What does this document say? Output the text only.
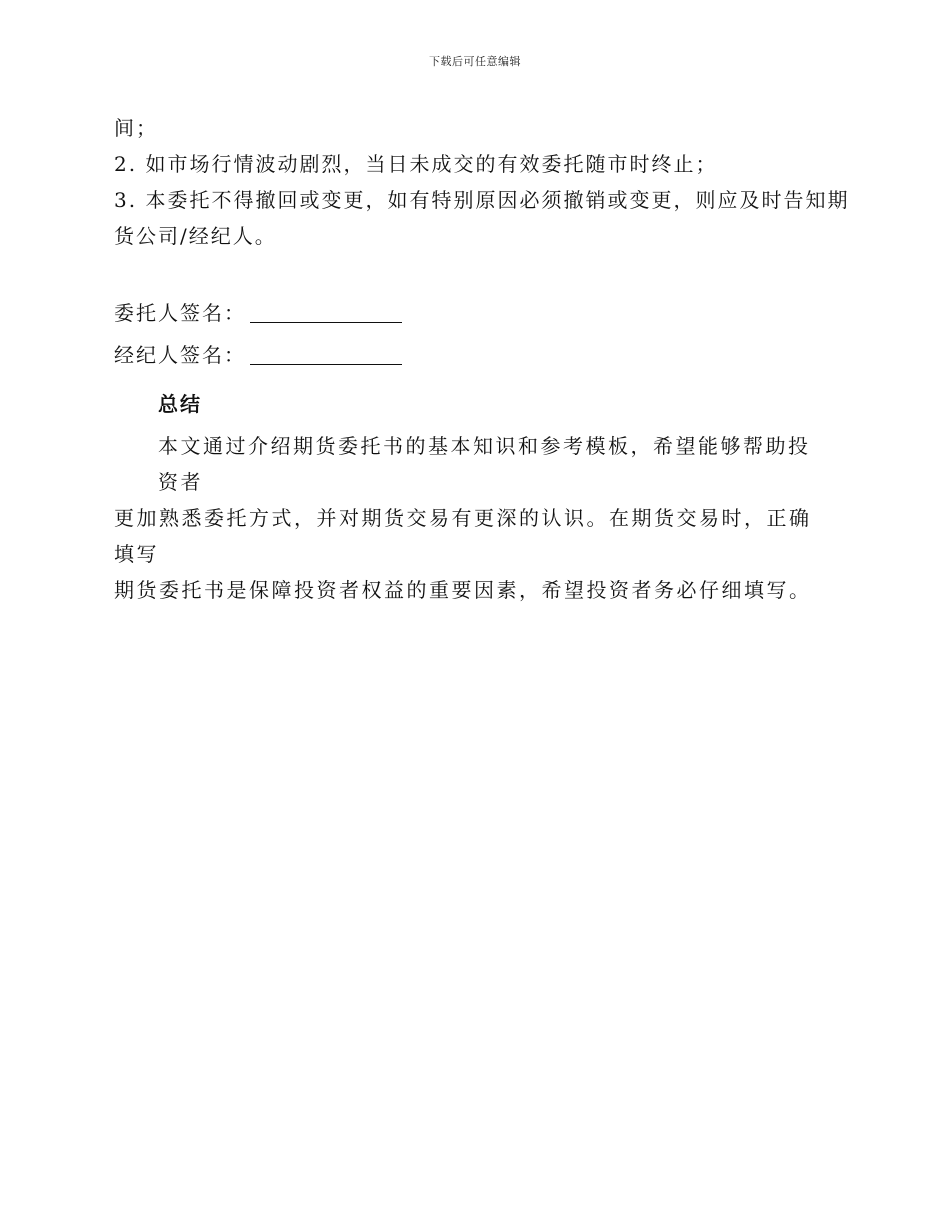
下载后可任意编辑

间；

2. 如市场行情波动剧烈，当日未成交的有效委托随市时终止；

3. 本委托不得撤回或变更，如有特别原因必须撤销或变更，则应及时告知期

货公司/经纪人。

委托人签名：
经纪人签名：
总结

本文通过介绍期货委托书的基本知识和参考模板，希望能够帮助投资者

更加熟悉委托方式，并对期货交易有更深的认识。在期货交易时，正确填写

期货委托书是保障投资者权益的重要因素，希望投资者务必仔细填写。
